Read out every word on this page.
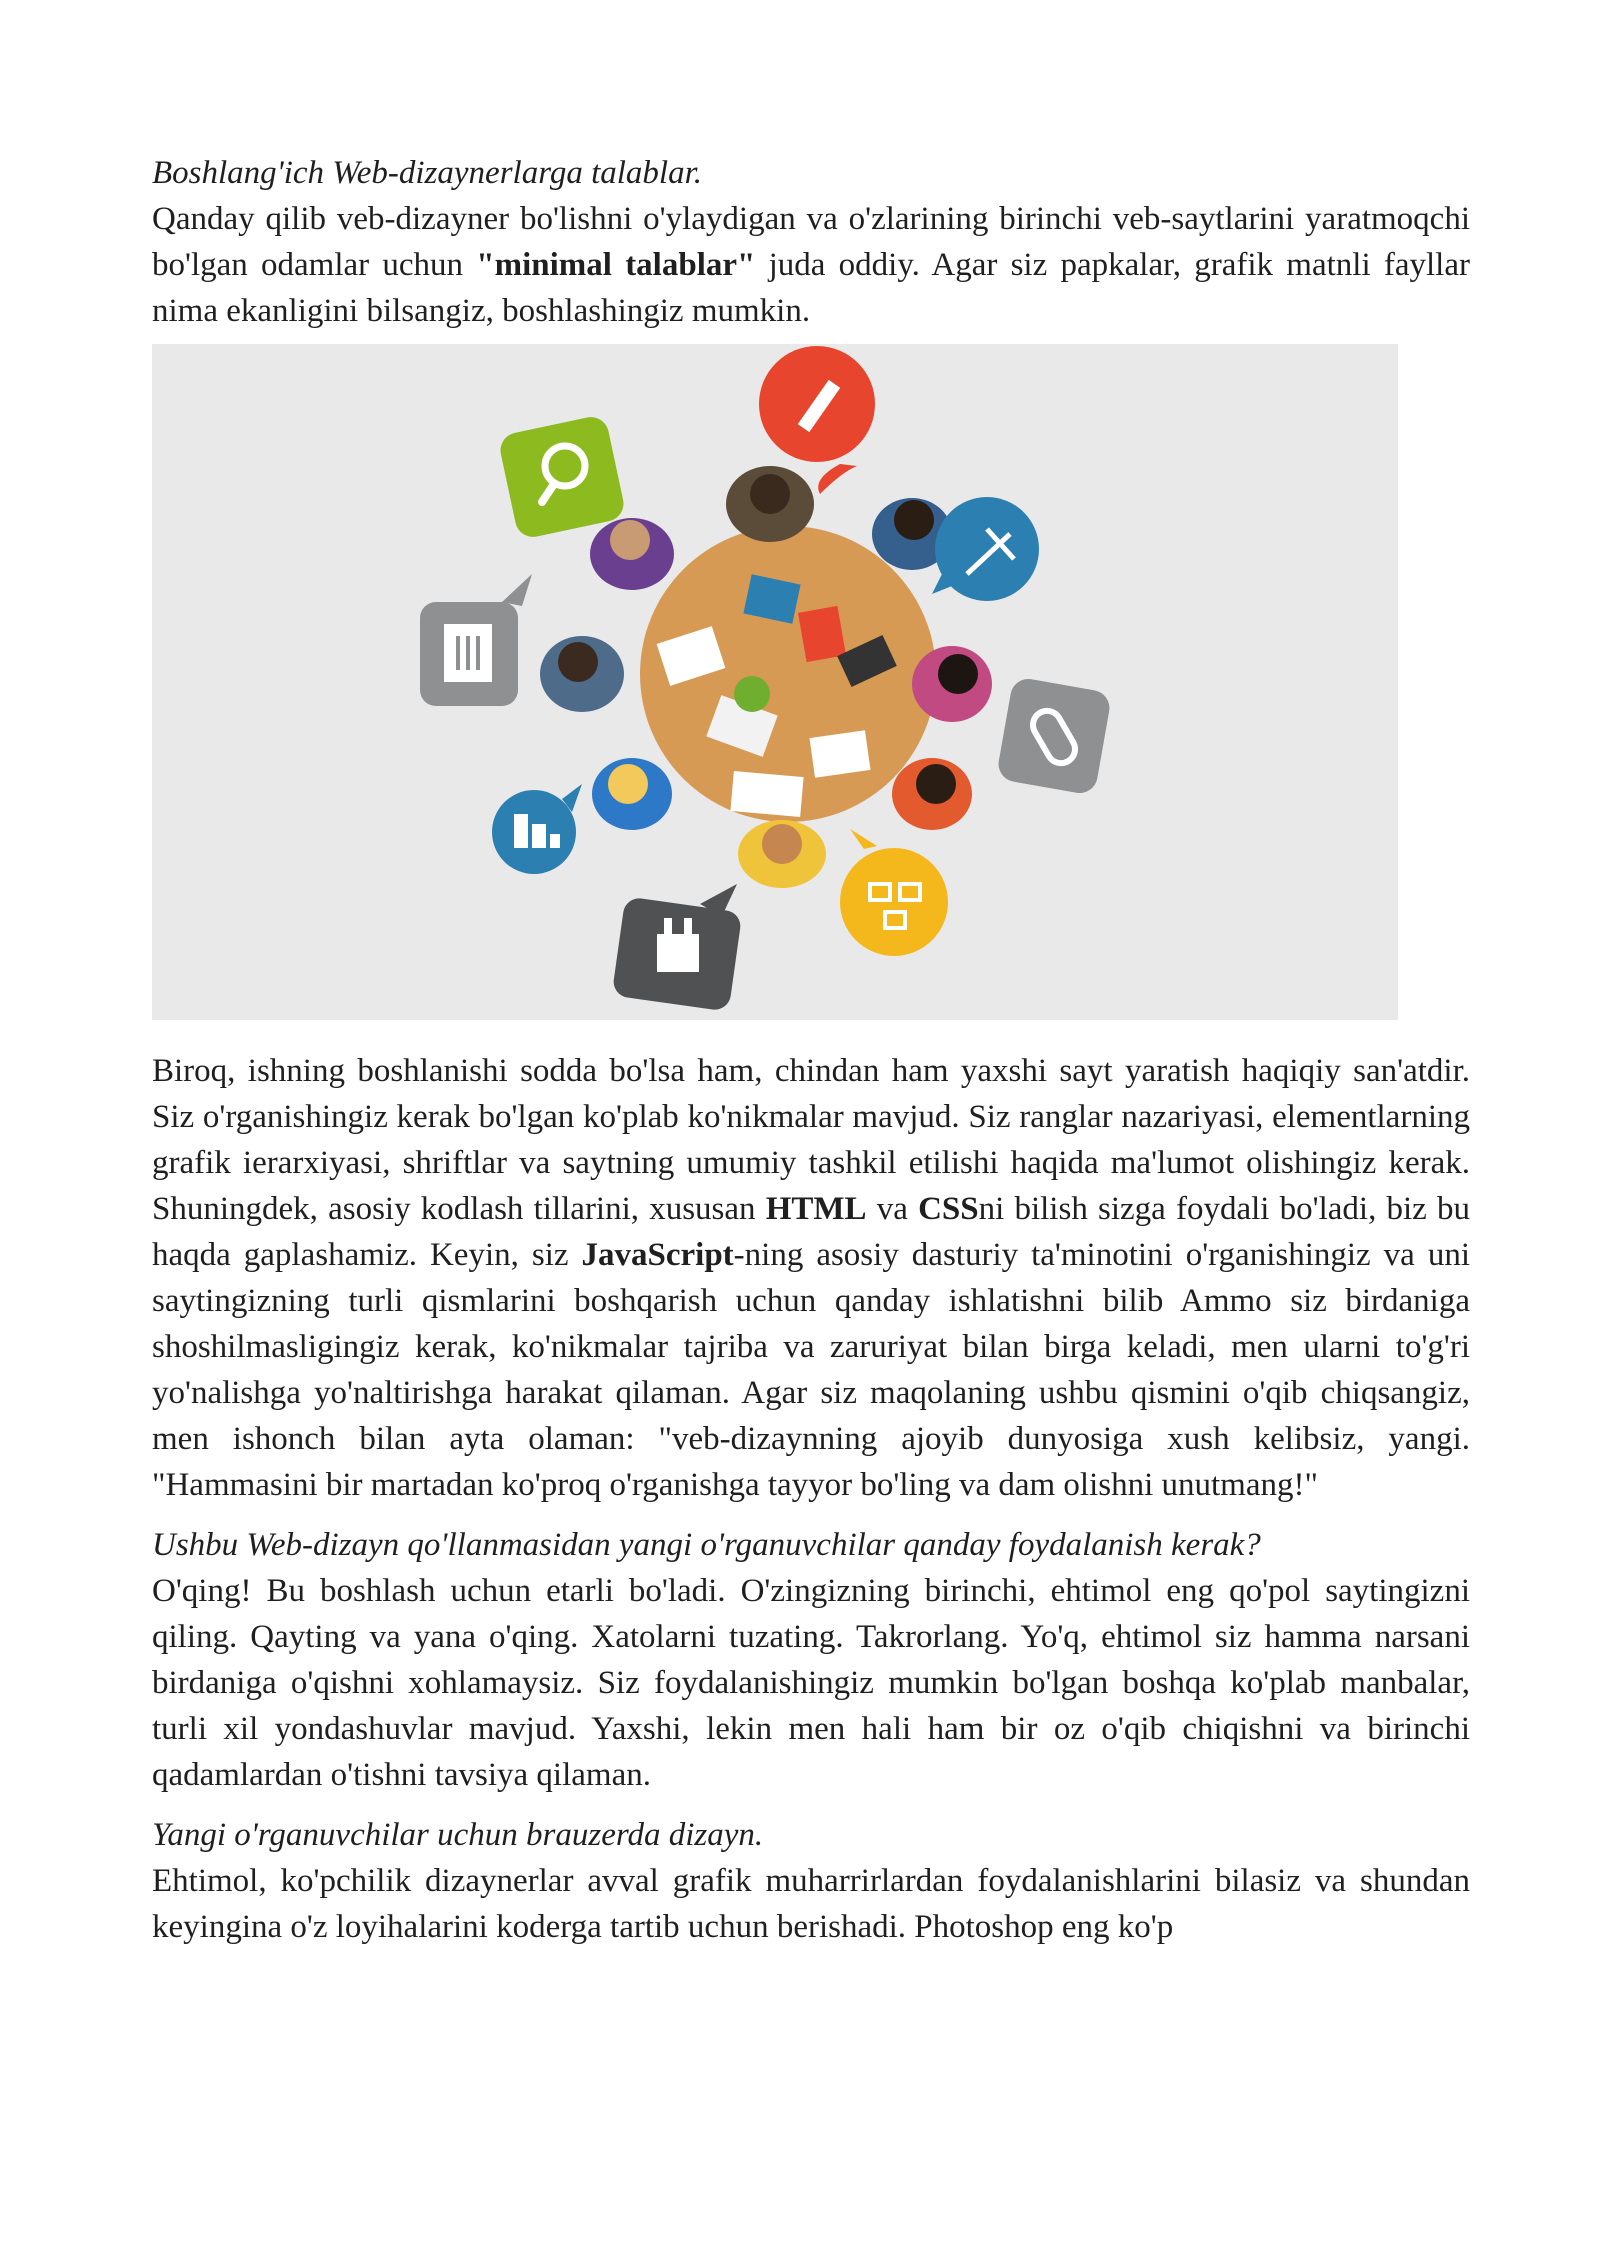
Boshlang'ich Web-dizaynerlarga talablar.

Qanday qilib veb-dizayner bo'lishni o'ylaydigan va o'zlarining birinchi veb-saytlarini yaratmoqchi bo'lgan odamlar uchun "minimal talablar" juda oddiy. Agar siz papkalar, grafik matnli fayllar nima ekanligini bilsangiz, boshlashingiz mumkin.

Biroq, ishning boshlanishi sodda bo'lsa ham, chindan ham yaxshi sayt yaratish haqiqiy san'atdir. Siz o'rganishingiz kerak bo'lgan ko'plab ko'nikmalar mavjud. Siz ranglar nazariyasi, elementlarning grafik ierarxiyasi, shriftlar va saytning umumiy tashkil etilishi haqida ma'lumot olishingiz kerak. Shuningdek, asosiy kodlash tillarini, xususan HTML va CSSni bilish sizga foydali bo'ladi, biz bu haqda gaplashamiz. Keyin, siz JavaScript-ning asosiy dasturiy ta'minotini o'rganishingiz va uni saytingizning turli qismlarini boshqarish uchun qanday ishlatishni bilib Ammo siz birdaniga shoshilmasligingiz kerak, ko'nikmalar tajriba va zaruriyat bilan birga keladi, men ularni to'g'ri yo'nalishga yo'naltirishga harakat qilaman. Agar siz maqolaning ushbu qismini o'qib chiqsangiz, men ishonch bilan ayta olaman: "veb-dizaynning ajoyib dunyosiga xush kelibsiz, yangi. "Hammasini bir martadan ko'proq o'rganishga tayyor bo'ling va dam olishni unutmang!"

Ushbu Web-dizayn qo'llanmasidan yangi o'rganuvchilar qanday foydalanish kerak?

O'qing! Bu boshlash uchun etarli bo'ladi. O'zingizning birinchi, ehtimol eng qo'pol saytingizni qiling. Qayting va yana o'qing. Xatolarni tuzating. Takrorlang. Yo'q, ehtimol siz hamma narsani birdaniga o'qishni xohlamaysiz. Siz foydalanishingiz mumkin bo'lgan boshqa ko'plab manbalar, turli xil yondashuvlar mavjud. Yaxshi, lekin men hali ham bir oz o'qib chiqishni va birinchi qadamlardan o'tishni tavsiya qilaman.

Yangi o'rganuvchilar uchun brauzerda dizayn.

Ehtimol, ko'pchilik dizaynerlar avval grafik muharrirlardan foydalanishlarini bilasiz va shundan keyingina o'z loyihalarini koderga tartib uchun berishadi. Photoshop eng ko'p
